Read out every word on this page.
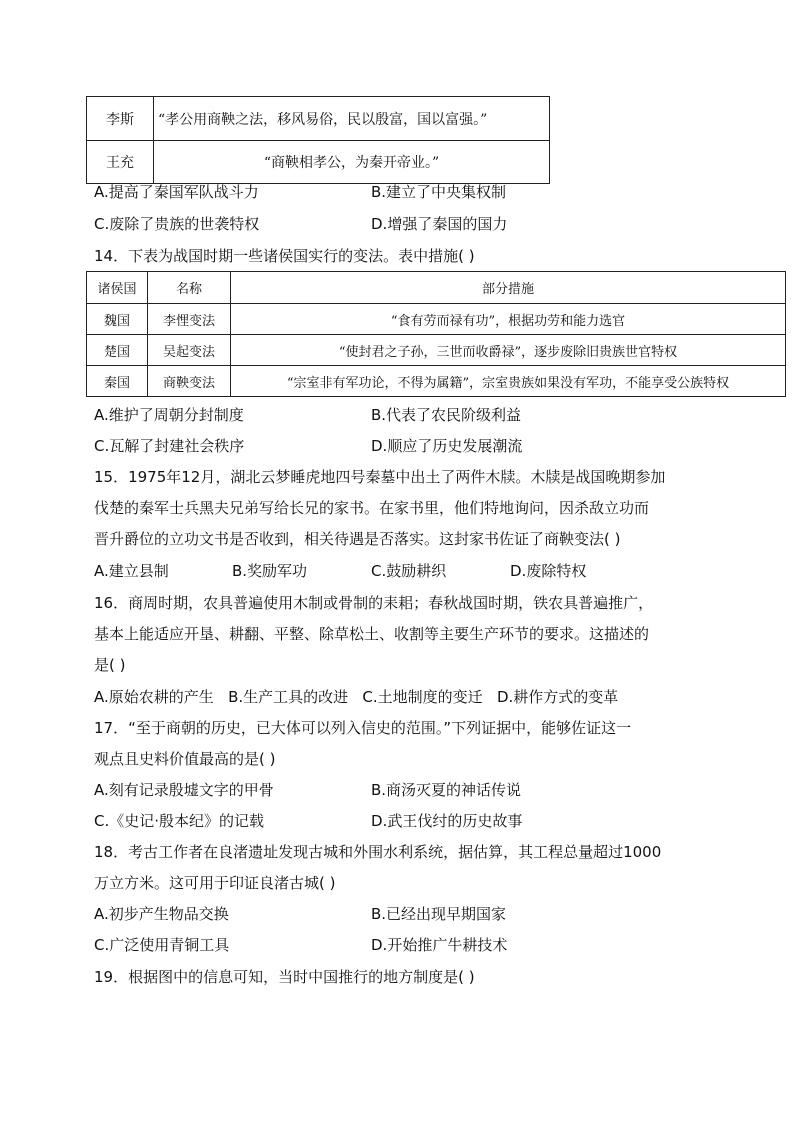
李斯	“孝公用商鞅之法，移风易俗，民以殷富，国以富强。”
王充	“商鞅相孝公，为秦开帝业。”
A.提高了秦国军队战斗力	B.建立了中央集权制
C.废除了贵族的世袭特权	D.增强了秦国的国力
14．下表为战国时期一些诸侯国实行的变法。表中措施( )
诸侯国	名称	部分措施
魏国	李悝变法	“食有劳而禄有功”，根据功劳和能力选官
楚国	吴起变法	“使封君之子孙，三世而收爵禄”，逐步废除旧贵族世官特权
秦国	商鞅变法	“宗室非有军功论，不得为属籍”，宗室贵族如果没有军功，不能享受公族特权
A.维护了周朝分封制度	B.代表了农民阶级利益
C.瓦解了封建社会秩序	D.顺应了历史发展潮流
15．1975年12月，湖北云梦睡虎地四号秦墓中出土了两件木牍。木牍是战国晚期参加
伐楚的秦军士兵黑夫兄弟写给长兄的家书。在家书里，他们特地询问，因杀敌立功而
晋升爵位的立功文书是否收到，相关待遇是否落实。这封家书佐证了商鞅变法( )
A.建立县制	B.奖励军功	C.鼓励耕织	D.废除特权
16．商周时期，农具普遍使用木制或骨制的耒耜；春秋战国时期，铁农具普遍推广，
基本上能适应开垦、耕翻、平整、除草松土、收割等主要生产环节的要求。这描述的
是( )
A.原始农耕的产生   B.生产工具的改进   C.土地制度的变迁   D.耕作方式的变革
17．“至于商朝的历史，已大体可以列入信史的范围。”下列证据中，能够佐证这一
观点且史料价值最高的是( )
A.刻有记录殷墟文字的甲骨	B.商汤灭夏的神话传说
C.《史记·殷本纪》的记载	D.武王伐纣的历史故事
18．考古工作者在良渚遗址发现古城和外围水利系统，据估算，其工程总量超过1000
万立方米。这可用于印证良渚古城( )
A.初步产生物品交换	B.已经出现早期国家
C.广泛使用青铜工具	D.开始推广牛耕技术
19．根据图中的信息可知，当时中国推行的地方制度是( )
